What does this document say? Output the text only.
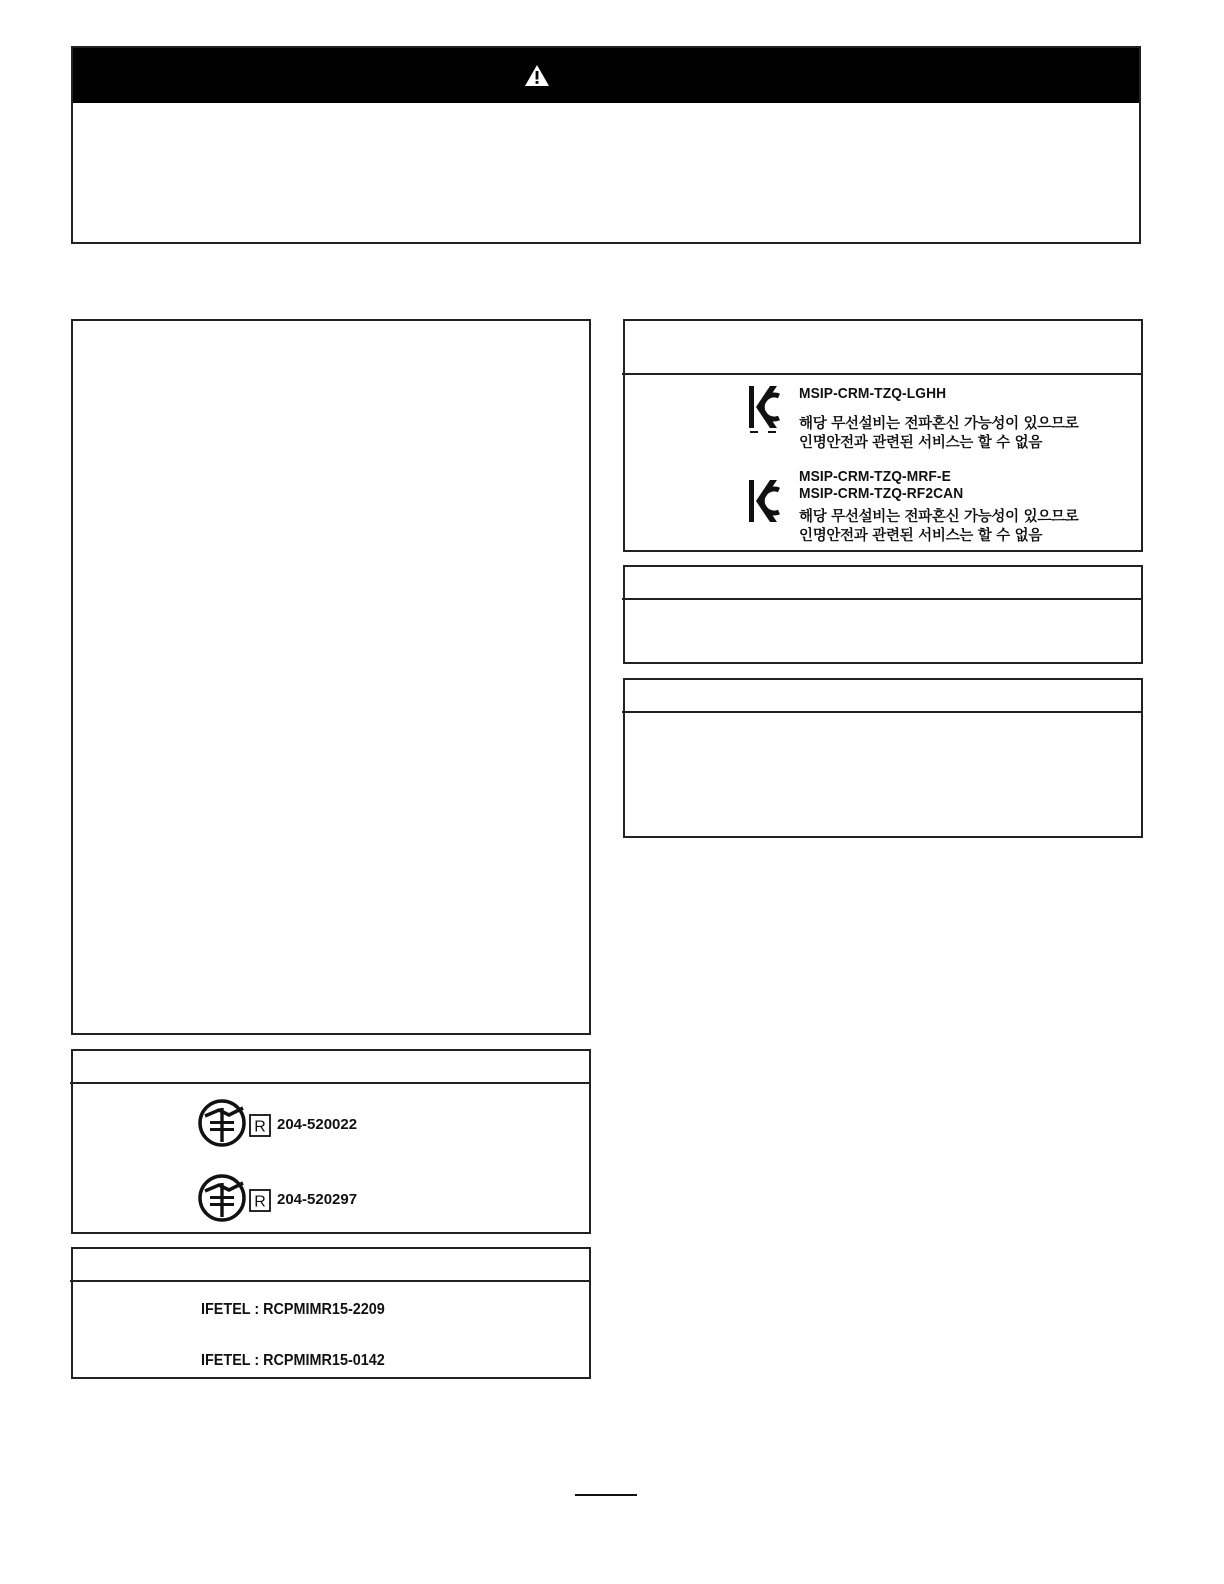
MSIP-CRM-TZQ-LGHH
해당 무선설비는 전파혼신 가능성이 있으므로
인명안전과 관련된 서비스는 할 수 없음
MSIP-CRM-TZQ-MRF-E
MSIP-CRM-TZQ-RF2CAN
해당 무선설비는 전파혼신 가능성이 있으므로
인명안전과 관련된 서비스는 할 수 없음
R 204-520022
R 204-520297
IFETEL : RCPMIMR15-2209
IFETEL : RCPMIMR15-0142
